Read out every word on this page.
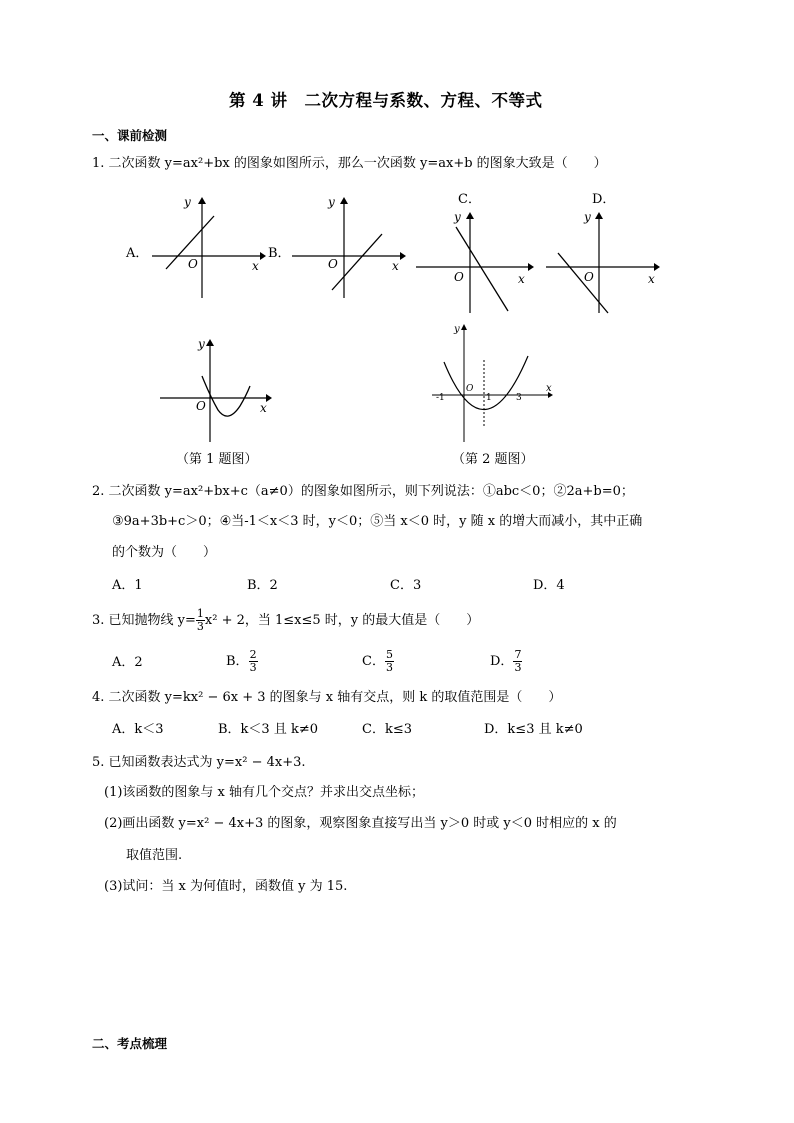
第 4 讲　二次方程与系数、方程、不等式
一、课前检测
1. 二次函数 y=ax²+bx 的图象如图所示，那么一次函数 y=ax+b 的图象大致是（　　）
A．
y
x
O
B．
y
x
O
C．
y
x
O
D．
y
x
O
y
x
O
（第 1 题图）
y
x
-1
O
1	3
（第 2 题图）
2. 二次函数 y=ax²+bx+c（a≠0）的图象如图所示，则下列说法：①abc＜0；②2a+b=0；
③9a+3b+c＞0；④当-1＜x＜3 时，y＜0；⑤当 x＜0 时，y 随 x 的增大而减小，其中正确
的个数为（　　）
A．1	B．2	C．3	D．4
3. 已知抛物线 $y= \frac{1}{3} x^2 + 2$，当 1≤x≤5 时，y 的最大值是（　　）
A．2	B． $\frac{2}{3}$	C． $\frac{5}{3}$	D． $\frac{7}{3}$
4. 二次函数 y=kx² − 6x + 3 的图象与 x 轴有交点，则 k 的取值范围是（　　）
A．k＜3	B．k＜3 且 k≠0	C．k≤3	D．k≤3 且 k≠0
5. 已知函数表达式为 y=x² − 4x+3.
(1)该函数的图象与 x 轴有几个交点？并求出交点坐标；
(2)画出函数 y=x² − 4x+3 的图象，观察图象直接写出当 y＞0 时或 y＜0 时相应的 x 的
取值范围.
(3)试问：当 x 为何值时，函数值 y 为 15.
二、考点梳理
